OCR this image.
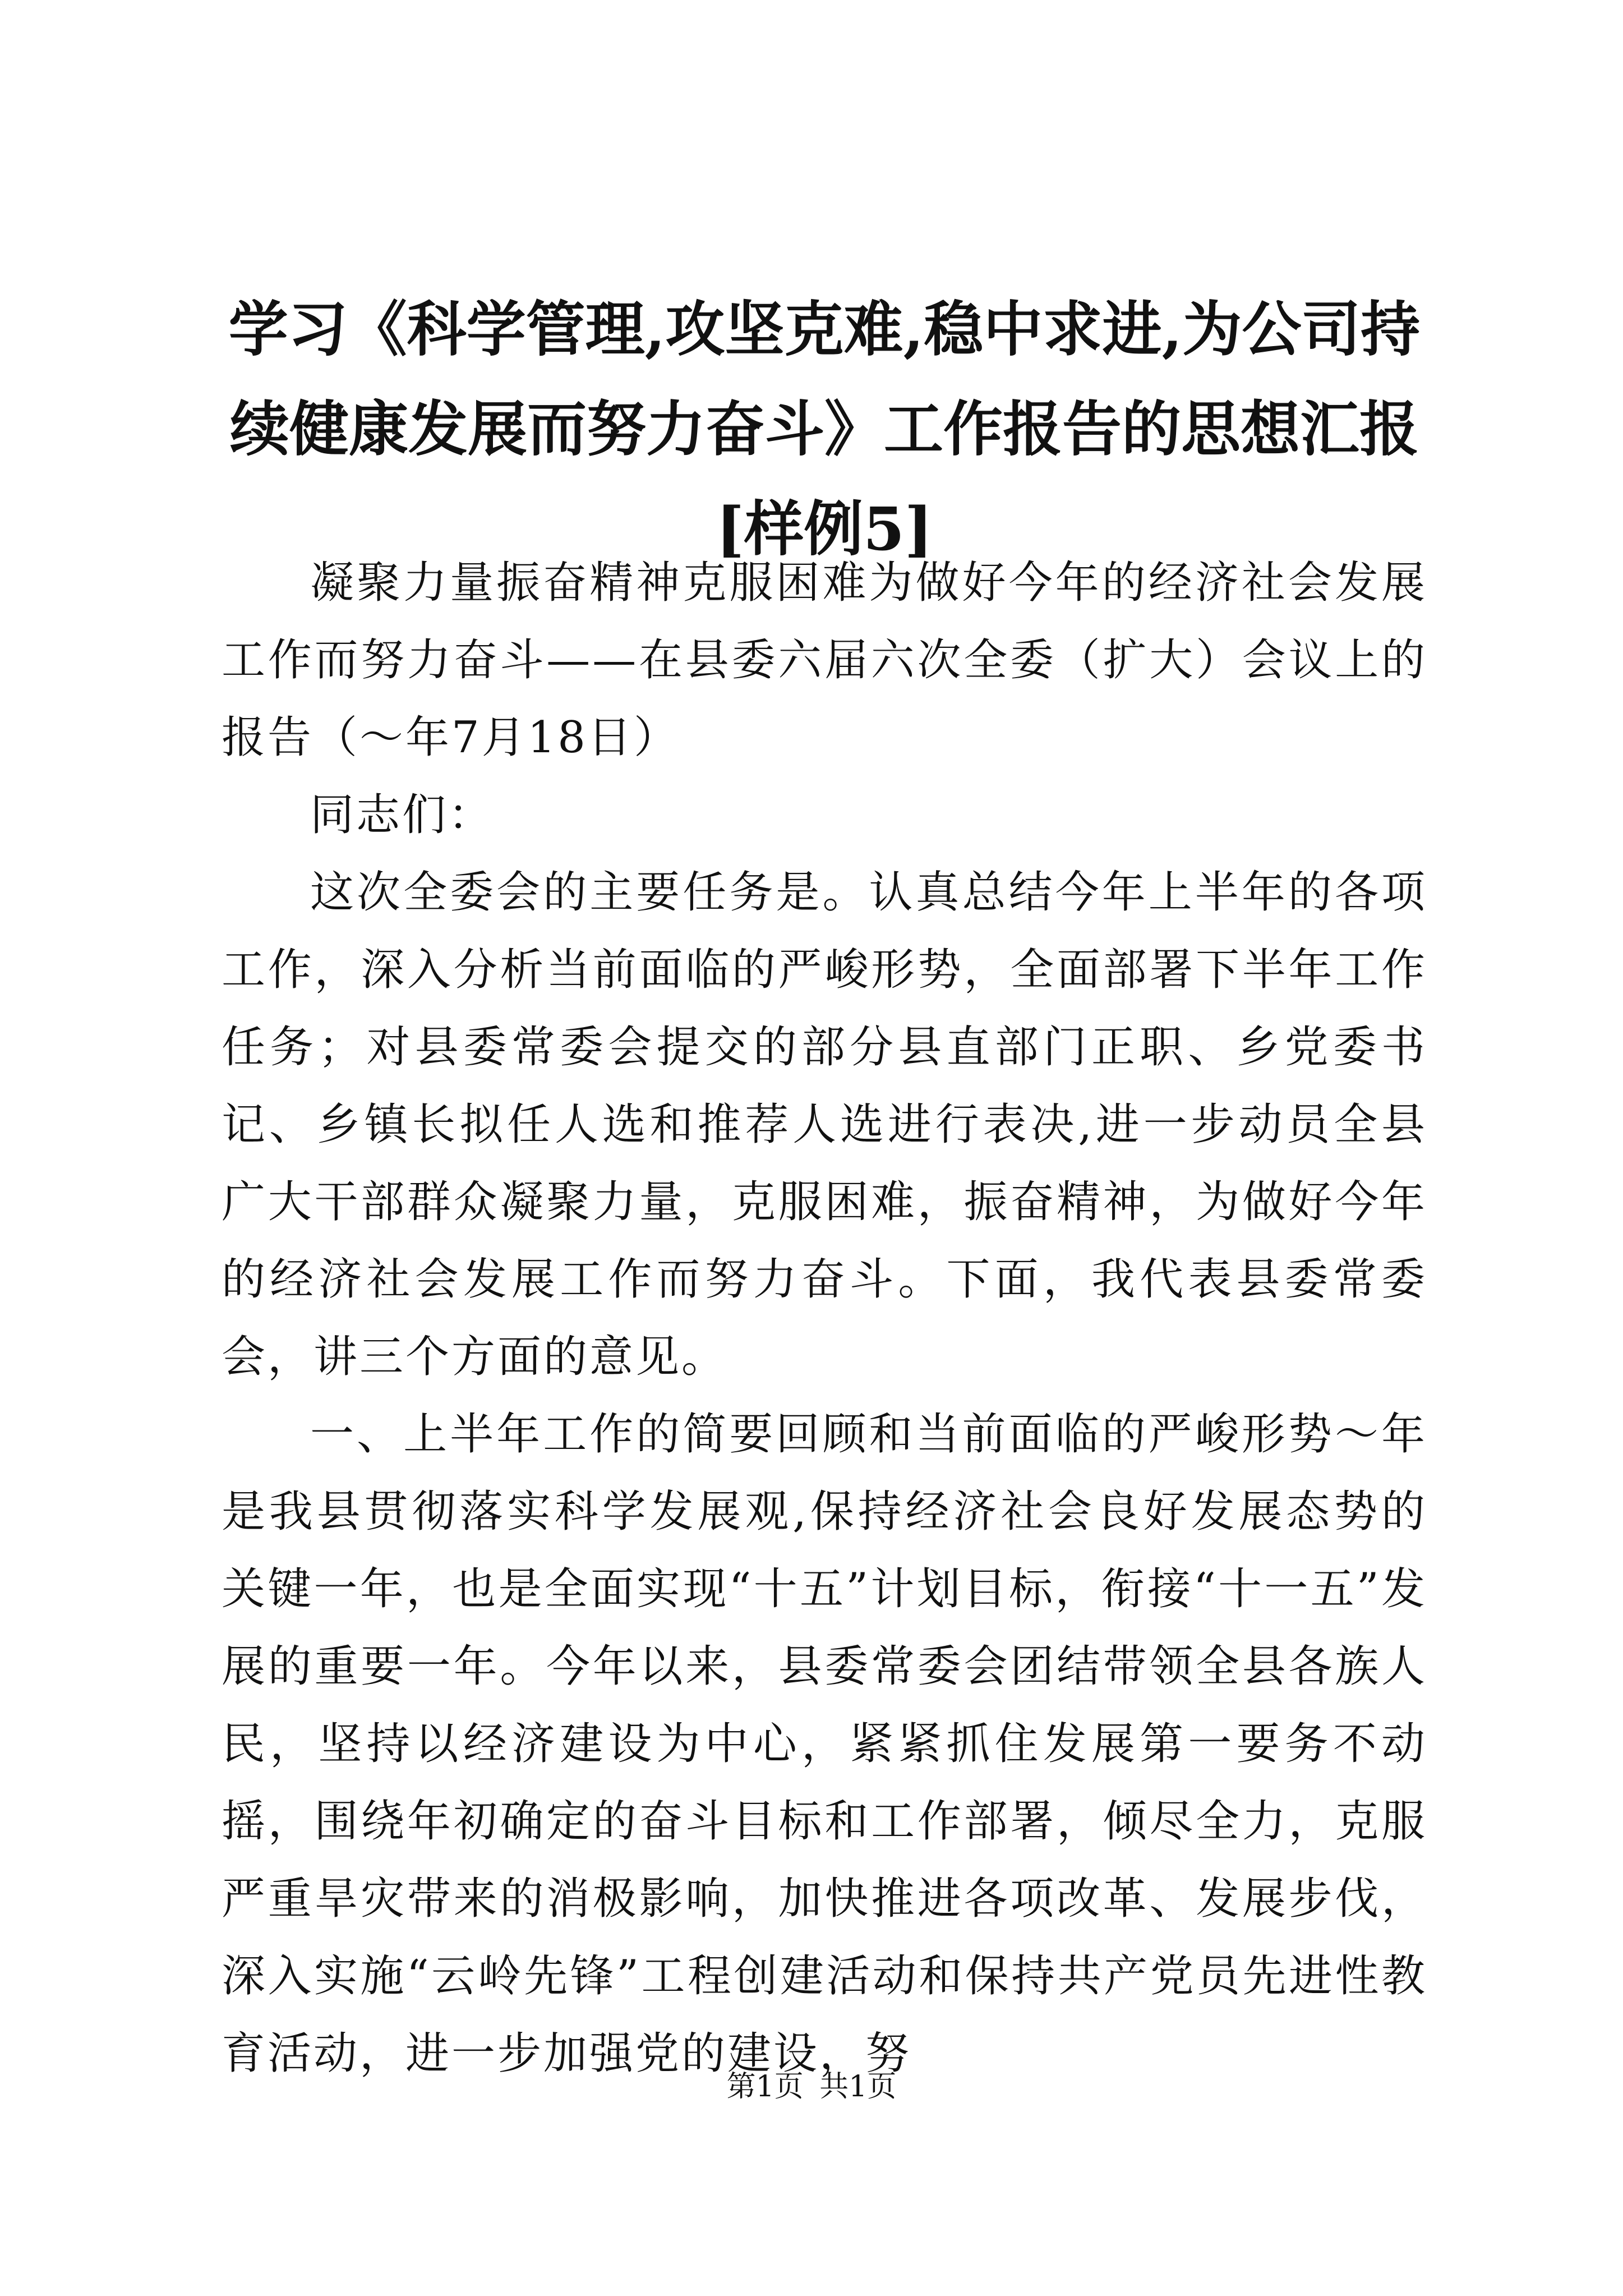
学习《科学管理,攻坚克难,稳中求进,为公司持续健康发展而努力奋斗》工作报告的思想汇报[样例5]

凝聚力量振奋精神克服困难为做好今年的经济社会发展工作而努力奋斗——在县委六届六次全委（扩大）会议上的报告（～年7月18日）

同志们：

这次全委会的主要任务是。认真总结今年上半年的各项工作，深入分析当前面临的严峻形势，全面部署下半年工作任务；对县委常委会提交的部分县直部门正职、乡党委书记、乡镇长拟任人选和推荐人选进行表决,进一步动员全县广大干部群众凝聚力量，克服困难，振奋精神，为做好今年的经济社会发展工作而努力奋斗。下面，我代表县委常委会，讲三个方面的意见。

一、上半年工作的简要回顾和当前面临的严峻形势～年是我县贯彻落实科学发展观,保持经济社会良好发展态势的关键一年，也是全面实现“十五”计划目标，衔接“十一五”发展的重要一年。今年以来，县委常委会团结带领全县各族人民，坚持以经济建设为中心，紧紧抓住发展第一要务不动摇，围绕年初确定的奋斗目标和工作部署，倾尽全力，克服严重旱灾带来的消极影响，加快推进各项改革、发展步伐，深入实施“云岭先锋”工程创建活动和保持共产党员先进性教育活动，进一步加强党的建设，努

第1页 共1页
